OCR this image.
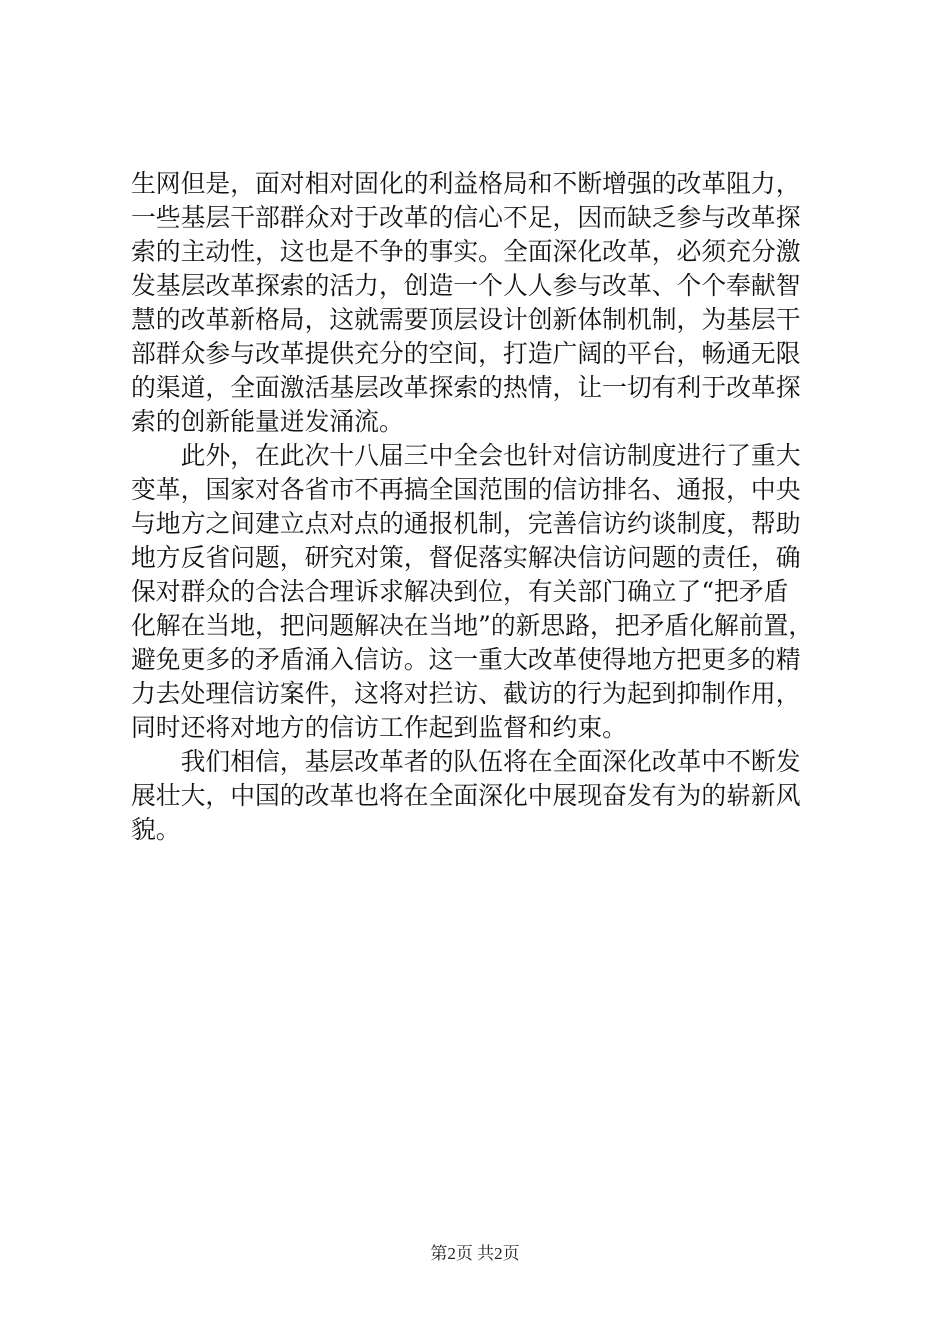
生网但是，面对相对固化的利益格局和不断增强的改革阻力，
一些基层干部群众对于改革的信心不足，因而缺乏参与改革探
索的主动性，这也是不争的事实。全面深化改革，必须充分激
发基层改革探索的活力，创造一个人人参与改革、个个奉献智
慧的改革新格局，这就需要顶层设计创新体制机制，为基层干
部群众参与改革提供充分的空间，打造广阔的平台，畅通无限
的渠道，全面激活基层改革探索的热情，让一切有利于改革探
索的创新能量迸发涌流。
　　此外，在此次十八届三中全会也针对信访制度进行了重大
变革，国家对各省市不再搞全国范围的信访排名、通报，中央
与地方之间建立点对点的通报机制，完善信访约谈制度，帮助
地方反省问题，研究对策，督促落实解决信访问题的责任，确
保对群众的合法合理诉求解决到位，有关部门确立了“把矛盾
化解在当地，把问题解决在当地”的新思路，把矛盾化解前置，
避免更多的矛盾涌入信访。这一重大改革使得地方把更多的精
力去处理信访案件，这将对拦访、截访的行为起到抑制作用，
同时还将对地方的信访工作起到监督和约束。
　　我们相信，基层改革者的队伍将在全面深化改革中不断发
展壮大，中国的改革也将在全面深化中展现奋发有为的崭新风
貌。
第2页 共2页
